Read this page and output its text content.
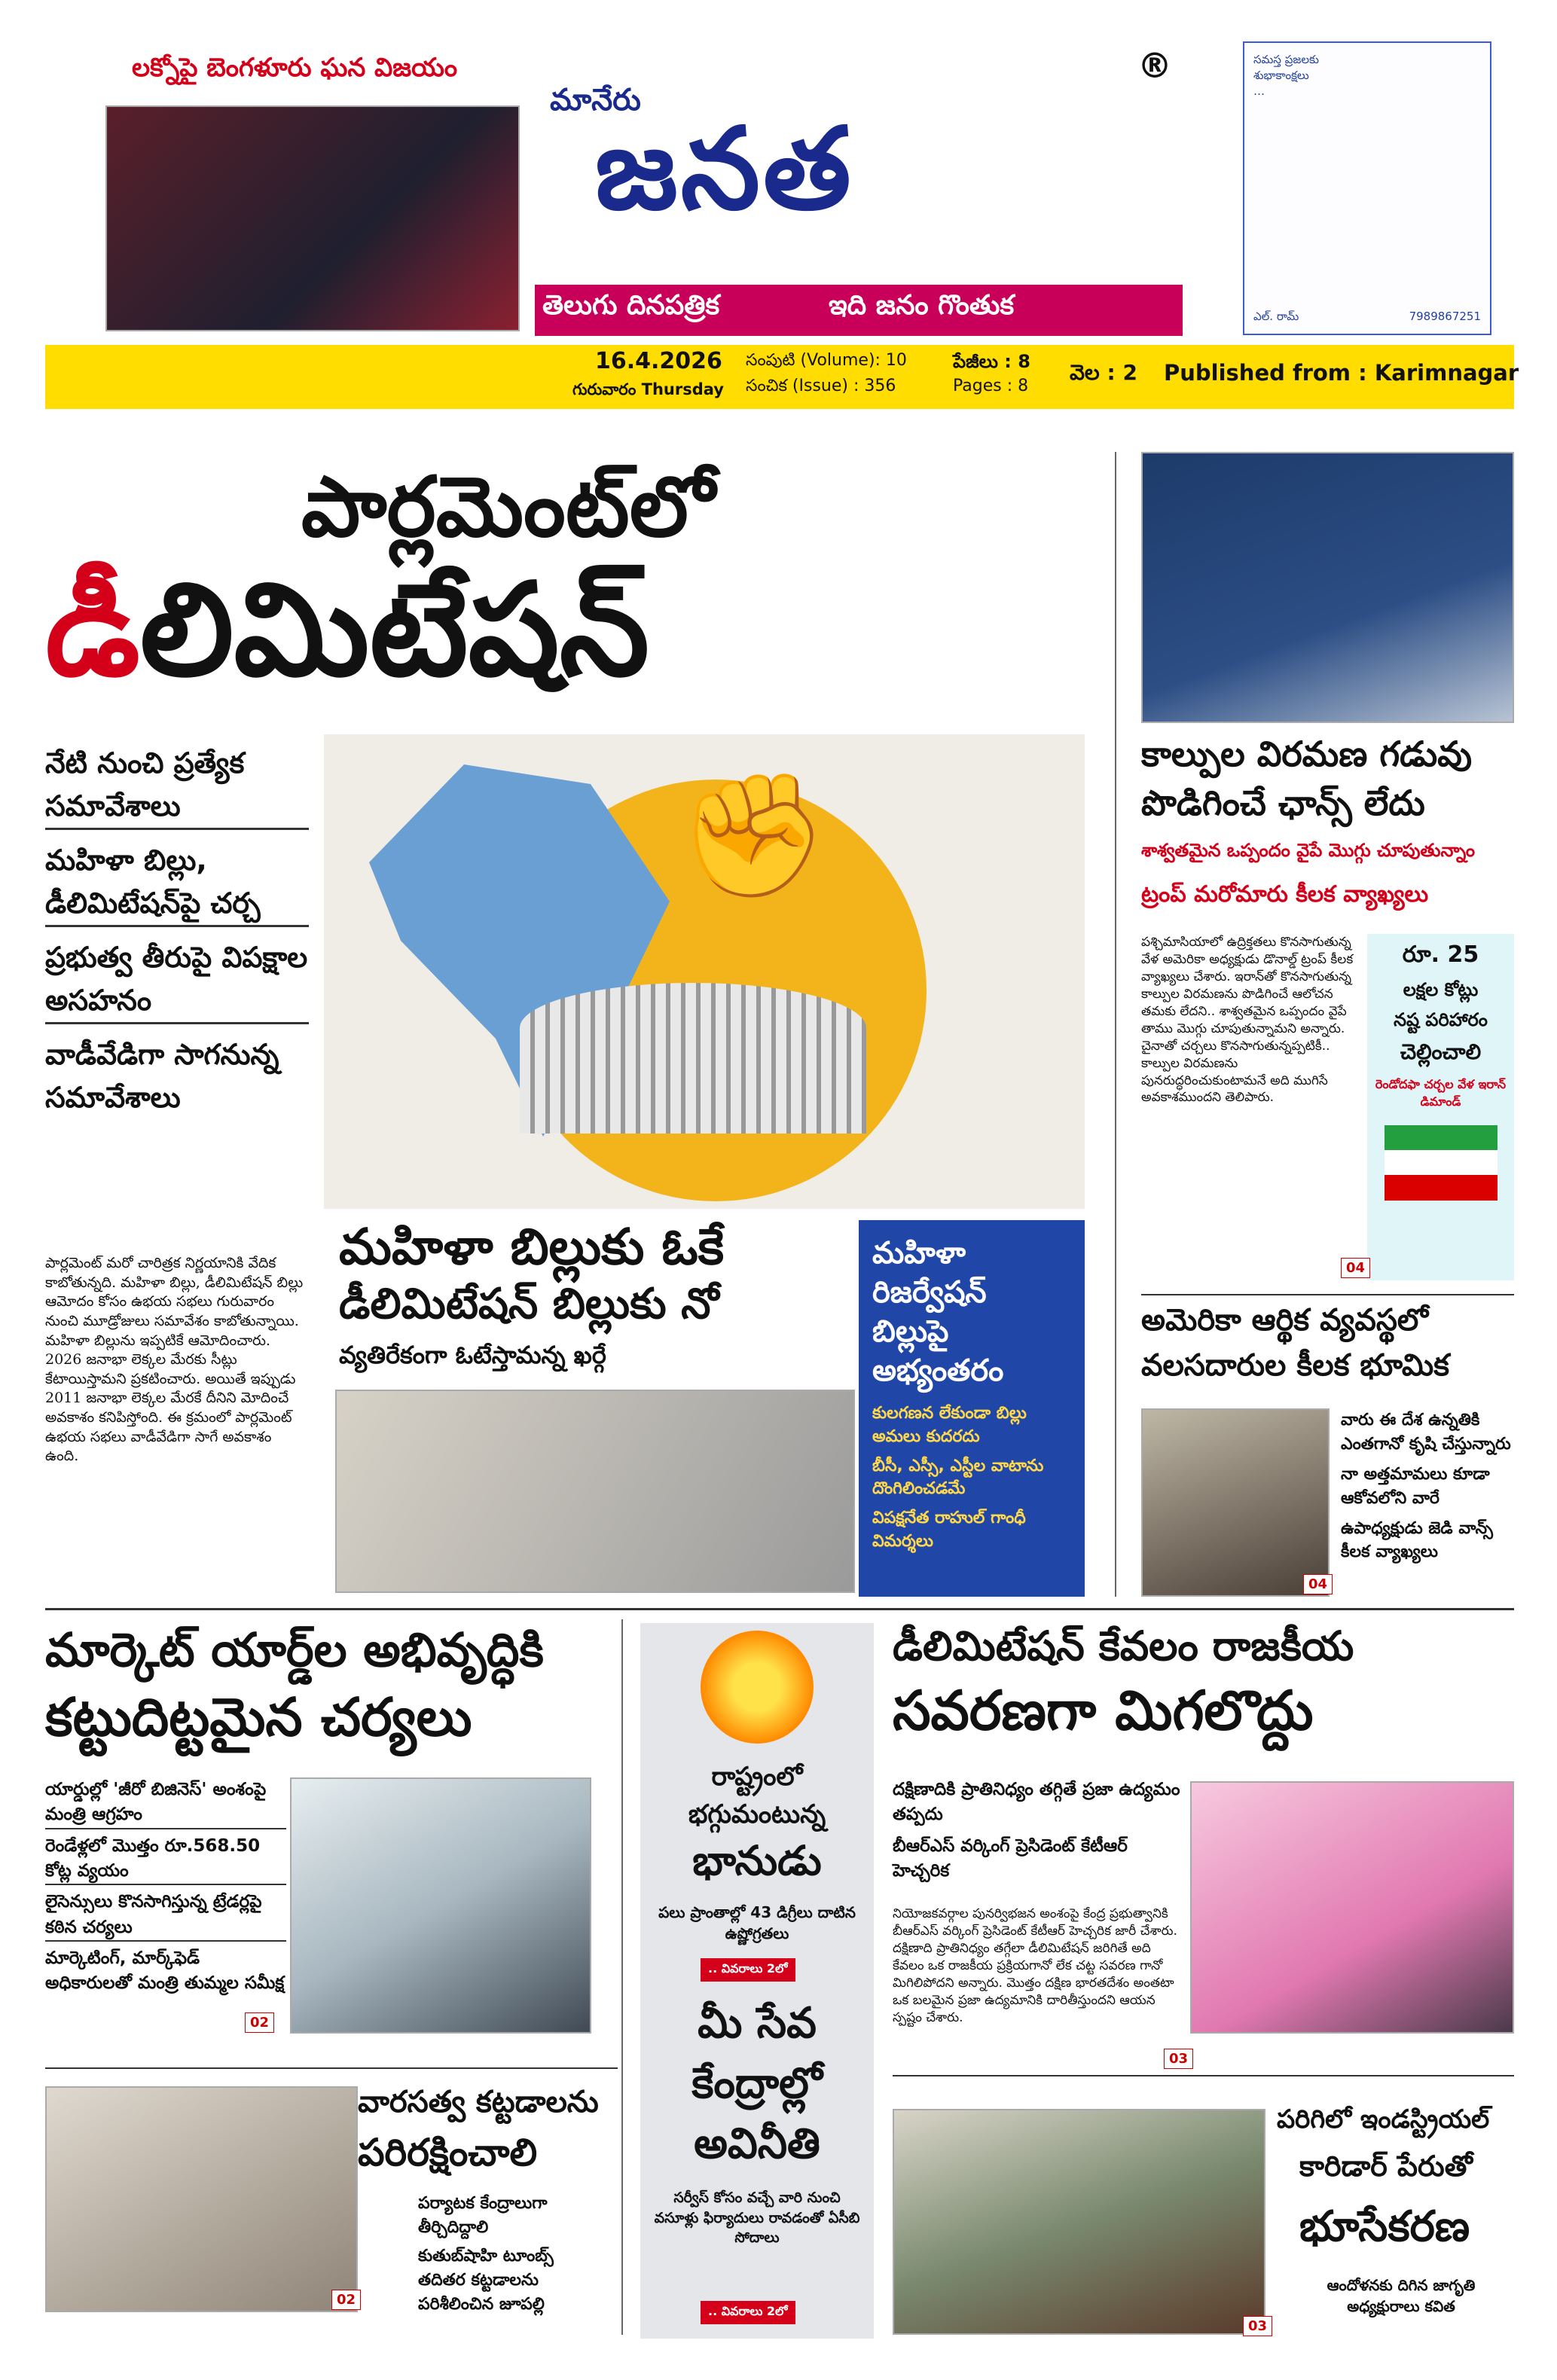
లక్నోపై బెంగళూరు ఘన విజయం
మానేరు
జనత
®
తెలుగు దినపత్రిక	ఇది జనం గొంతుక
సమస్త ప్రజలకు
శుభాకాంక్షలు
…
ఎల్. రామ్	7989867251
16.4.2026
గురువారం Thursday
సంపుటి (Volume): 10
సంచిక (Issue) : 356
పేజీలు : 8
Pages : 8
వెల : 2 Published from : Karimnagar
పార్లమెంట్‌లో
డీలిమిటేషన్
నేటి నుంచి ప్రత్యేక సమావేశాలు మహిళా బిల్లు, డీలిమిటేషన్‌పై చర్చ ప్రభుత్వ తీరుపై విపక్షాల అసహనం
వాడీవేడిగా సాగనున్న సమావేశాలు
పార్లమెంట్ మరో చారిత్రక నిర్ణయానికి వేదిక కాబోతున్నది. మహిళా బిల్లు, డీలిమిటేషన్ బిల్లు ఆమోదం కోసం ఉభయ సభలు గురువారం నుంచి మూడ్రోజులు సమావేశం కాబోతున్నాయి. మహిళా బిల్లును ఇప్పటికే ఆమోదించారు. 2026 జనాభా లెక్కల మేరకు సీట్లు కేటాయిస్తామని ప్రకటించారు. అయితే ఇప్పుడు 2011 జనాభా లెక్కల మేరకే దీనిని మోదించే అవకాశం కనిపిస్తోంది. ఈ క్రమంలో పార్లమెంట్ ఉభయ సభలు వాడీవేడిగా సాగే అవకాశం ఉంది.
✊
మహిళా బిల్లుకు ఓకే
డీలిమిటేషన్ బిల్లుకు నో
వ్యతిరేకంగా ఓటేస్తామన్న ఖర్గే
మహిళా రిజర్వేషన్ బిల్లుపై అభ్యంతరం
కులగణన లేకుండా బిల్లు అమలు కుదరదు
బీసీ, ఎస్సీ, ఎస్టీల వాటాను దొంగిలించడమే
విపక్షనేత రాహుల్ గాంధీ విమర్శలు
కాల్పుల విరమణ గడువు
పొడిగించే ఛాన్స్ లేదు
శాశ్వతమైన ఒప్పందం వైపే మొగ్గు చూపుతున్నాం
ట్రంప్ మరోమారు కీలక వ్యాఖ్యలు
పశ్చిమాసియాలో ఉద్రిక్తతలు కొనసాగుతున్న వేళ అమెరికా అధ్యక్షుడు డొనాల్డ్ ట్రంప్ కీలక వ్యాఖ్యలు చేశారు. ఇరాన్‌తో కొనసాగుతున్న కాల్పుల విరమణను పొడిగించే ఆలోచన తమకు లేదని.. శాశ్వతమైన ఒప్పందం వైపే తాము మొగ్గు చూపుతున్నామని అన్నారు. చైనాతో చర్చలు కొనసాగుతున్నప్పటికీ.. కాల్పుల విరమణను పునరుద్ధరించుకుంటామనే అది ముగిసే అవకాశముందని తెలిపారు.
రూ. 25
లక్షల కోట్లు
నష్ట పరిహారం
చెల్లించాలి
రెండోదఫా చర్చల వేళ ఇరాన్ డిమాండ్
04
అమెరికా ఆర్థిక వ్యవస్థలో
వలసదారుల కీలక భూమిక
వారు ఈ దేశ ఉన్నతికి ఎంతగానో కృషి చేస్తున్నారు
నా అత్తమామలు కూడా ఆకోవలోని వారే
ఉపాధ్యక్షుడు జెడి వాన్స్ కీలక వ్యాఖ్యలు
04
మార్కెట్ యార్డ్‌ల అభివృద్ధికి
కట్టుదిట్టమైన చర్యలు
యార్డుల్లో 'జీరో బిజినెస్' అంశంపై మంత్రి ఆగ్రహం
రెండేళ్లలో మొత్తం రూ.568.50 కోట్ల వ్యయం
లైసెన్సులు కొనసాగిస్తున్న ట్రేడర్లపై కఠిన చర్యలు
మార్కెటింగ్, మార్క్‌ఫెడ్ అధికారులతో మంత్రి తుమ్మల సమీక్ష
02
వారసత్వ కట్టడాలను
పరిరక్షించాలి
పర్యాటక కేంద్రాలుగా తీర్చిదిద్దాలి
కుతుబ్‌షాహి టూంబ్స్ తదితర కట్టడాలను పరిశీలించిన జూపల్లి
02
రాష్ట్రంలో
భగ్గుమంటున్న
భానుడు
పలు ప్రాంతాల్లో 43 డిగ్రీలు దాటిన ఉష్ణోగ్రతలు
.. వివరాలు 2లో
మీ సేవ
కేంద్రాల్లో
అవినీతి
సర్వీస్ కోసం వచ్చే వారి నుంచి వసూళ్లు ఫిర్యాదులు రావడంతో ఏసీబి సోదాలు
.. వివరాలు 2లో
డీలిమిటేషన్ కేవలం రాజకీయ
సవరణగా మిగలొద్దు
దక్షిణాదికి ప్రాతినిధ్యం తగ్గితే ప్రజా ఉద్యమం తప్పదు
బీఆర్‌ఎస్ వర్కింగ్ ప్రెసిడెంట్ కేటీఆర్ హెచ్చరిక
నియోజకవర్గాల పునర్విభజన అంశంపై కేంద్ర ప్రభుత్వానికి బీఆర్‌ఎస్ వర్కింగ్ ప్రెసిడెంట్ కేటీఆర్ హెచ్చరిక జారీ చేశారు. దక్షిణాది ప్రాతినిధ్యం తగ్గేలా డీలిమిటేషన్ జరిగితే అది కేవలం ఒక రాజకీయ ప్రక్రియగానో లేక చట్ట సవరణ గానో మిగిలిపోదని అన్నారు. మొత్తం దక్షిణ భారతదేశం అంతటా ఒక బలమైన ప్రజా ఉద్యమానికి దారితీస్తుందని ఆయన స్పష్టం చేశారు.
03
పరిగిలో ఇండస్ట్రియల్
కారిడార్ పేరుతో
భూసేకరణ
ఆందోళనకు దిగిన జాగృతి అధ్యక్షురాలు కవిత
03
